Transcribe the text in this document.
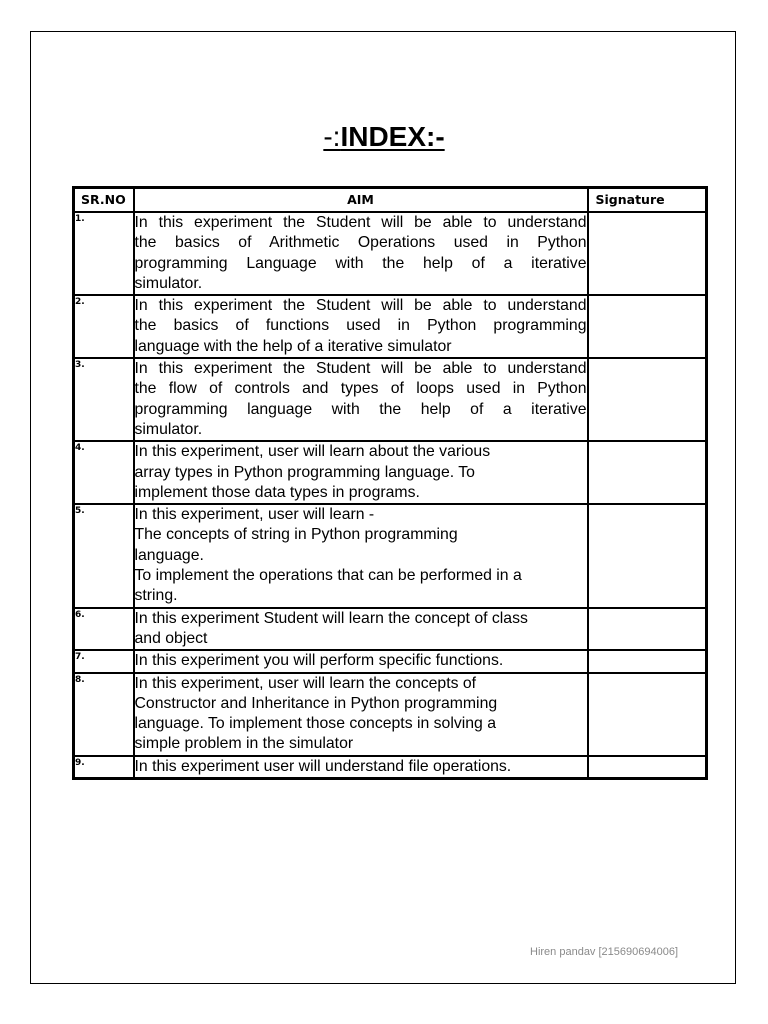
-:INDEX:-
SR.NO	AIM	Signature
1.	In this experiment the Student will be able to understand
the basics of Arithmetic Operations used in Python
programming Language with the help of a iterative
simulator.	

2.	In this experiment the Student will be able to understand
the basics of functions used in Python programming
language with the help of a iterative simulator	

3.	In this experiment the Student will be able to understand
the flow of controls and types of loops used in Python
programming language with the help of a iterative
simulator.	

4.	In this experiment, user will learn about the various
array types in Python programming language. To
implement those data types in programs.	

5.	In this experiment, user will learn -
The concepts of string in Python programming
language.
To implement the operations that can be performed in a
string.	

6.	In this experiment Student will learn the concept of class
and object	

7.	In this experiment you will perform specific functions.	

8.	In this experiment, user will learn the concepts of
Constructor and Inheritance in Python programming
language. To implement those concepts in solving a
simple problem in the simulator	

9.	In this experiment user will understand file operations.	

Hiren pandav [215690694006]
